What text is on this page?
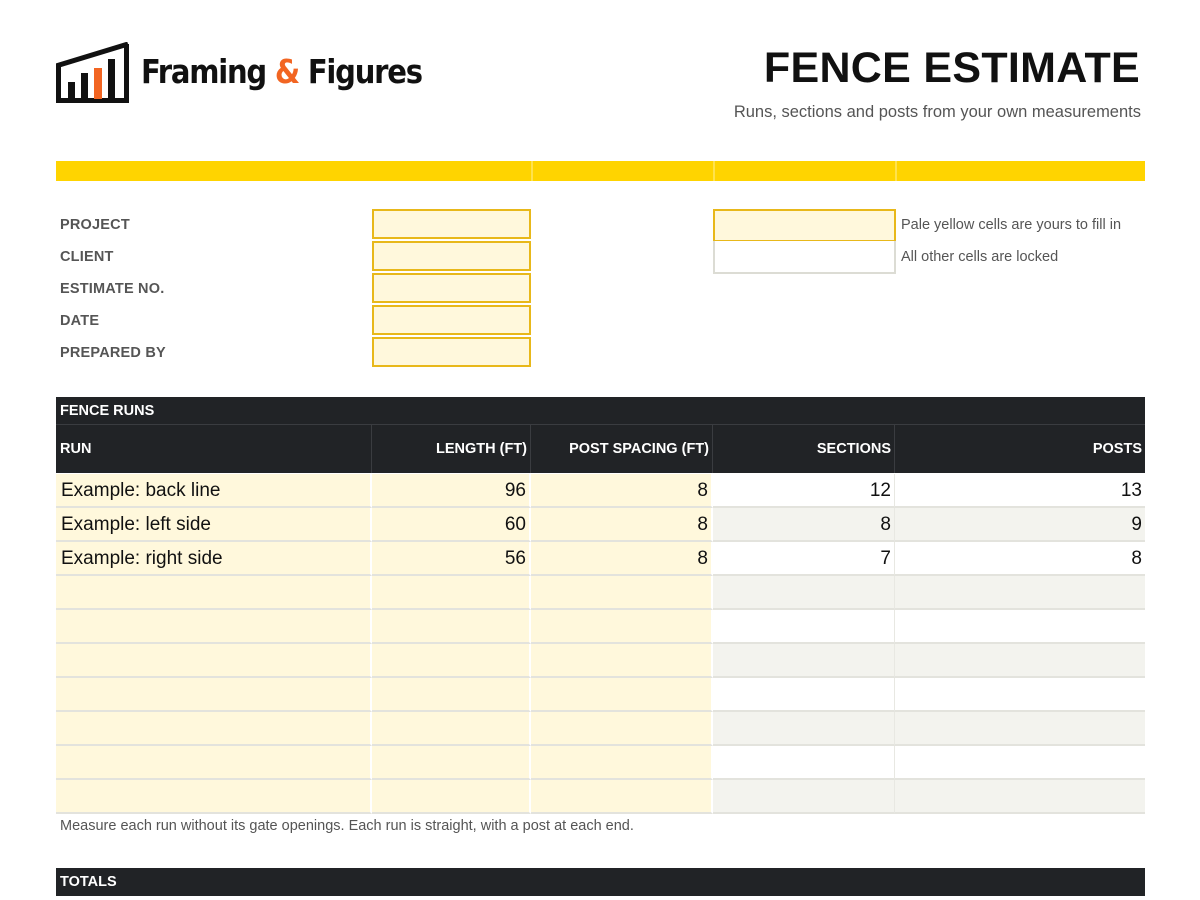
Framing & Figures	FENCE ESTIMATE
Runs, sections and posts from your own measurements
PROJECT
CLIENT
ESTIMATE NO.
DATE
PREPARED BY
Pale yellow cells are yours to fill in
All other cells are locked
FENCE RUNS
RUN	LENGTH (FT)	POST SPACING (FT)	SECTIONS	POSTS
Example: back line	96	8	12	13
Example: left side	60	8	8	9
Example: right side	56	8	7	8
Measure each run without its gate openings. Each run is straight, with a post at each end.
TOTALS
